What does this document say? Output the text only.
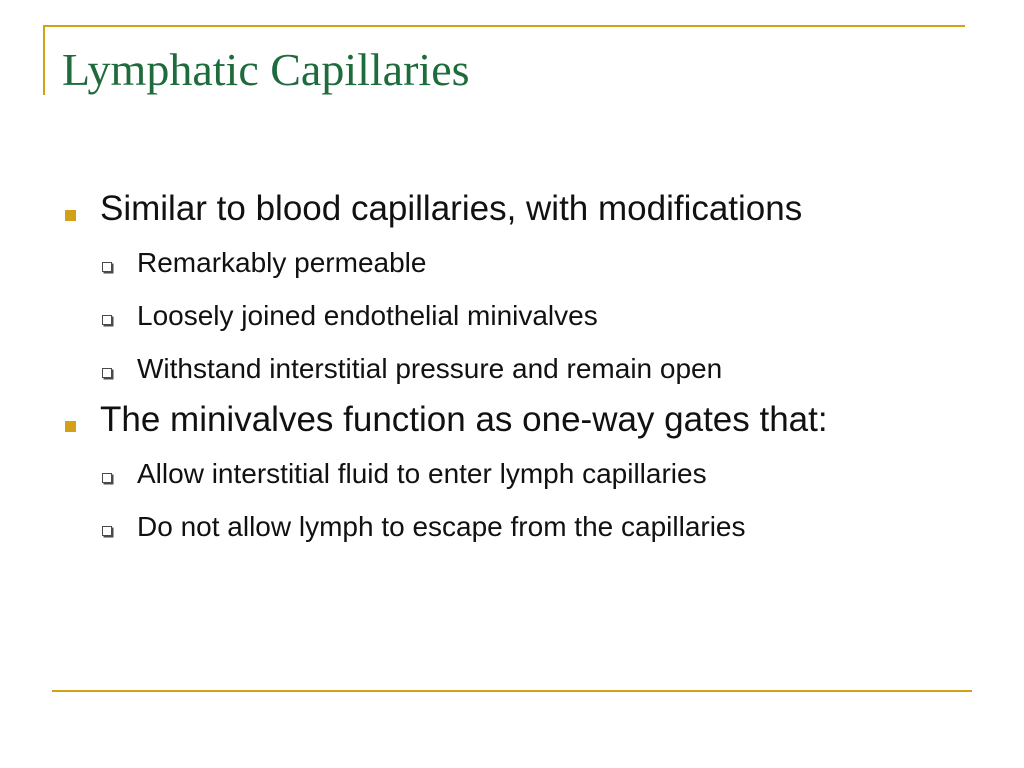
Lymphatic Capillaries
Similar to blood capillaries, with modifications
Remarkably permeable
Loosely joined endothelial minivalves
Withstand interstitial pressure and remain open
The minivalves function as one-way gates that:
Allow interstitial fluid to enter lymph capillaries
Do not allow lymph to escape from the capillaries
